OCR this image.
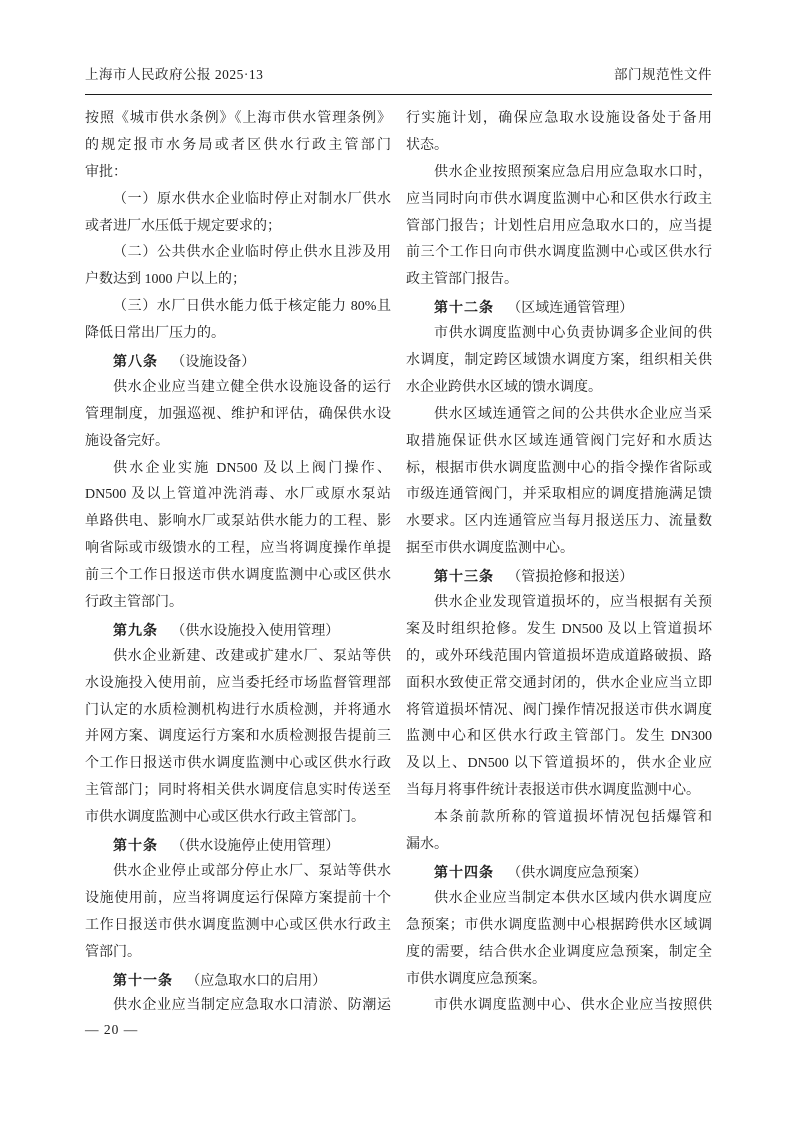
上海市人民政府公报 2025·13	部门规范性文件
按照《城市供水条例》《上海市供水管理条例》
的规定报市水务局或者区供水行政主管部门
审批：
（一）原水供水企业临时停止对制水厂供水
或者进厂水压低于规定要求的；
（二）公共供水企业临时停止供水且涉及用
户数达到 1000 户以上的；
（三）水厂日供水能力低于核定能力 80%且
降低日常出厂压力的。
第八条 （设施设备）
供水企业应当建立健全供水设施设备的运行
管理制度，加强巡视、维护和评估，确保供水设
施设备完好。
供水企业实施 DN500 及以上阀门操作、
DN500 及以上管道冲洗消毒、水厂或原水泵站
单路供电、影响水厂或泵站供水能力的工程、影
响省际或市级馈水的工程，应当将调度操作单提
前三个工作日报送市供水调度监测中心或区供水
行政主管部门。
第九条 （供水设施投入使用管理）
供水企业新建、改建或扩建水厂、泵站等供
水设施投入使用前，应当委托经市场监督管理部
门认定的水质检测机构进行水质检测，并将通水
并网方案、调度运行方案和水质检测报告提前三
个工作日报送市供水调度监测中心或区供水行政
主管部门；同时将相关供水调度信息实时传送至
市供水调度监测中心或区供水行政主管部门。
第十条 （供水设施停止使用管理）
供水企业停止或部分停止水厂、泵站等供水
设施使用前，应当将调度运行保障方案提前十个
工作日报送市供水调度监测中心或区供水行政主
管部门。
第十一条 （应急取水口的启用）
供水企业应当制定应急取水口清淤、防潮运
行实施计划，确保应急取水设施设备处于备用
状态。
供水企业按照预案应急启用应急取水口时，
应当同时向市供水调度监测中心和区供水行政主
管部门报告；计划性启用应急取水口的，应当提
前三个工作日向市供水调度监测中心或区供水行
政主管部门报告。
第十二条 （区域连通管管理）
市供水调度监测中心负责协调多企业间的供
水调度，制定跨区域馈水调度方案，组织相关供
水企业跨供水区域的馈水调度。
供水区域连通管之间的公共供水企业应当采
取措施保证供水区域连通管阀门完好和水质达
标，根据市供水调度监测中心的指令操作省际或
市级连通管阀门，并采取相应的调度措施满足馈
水要求。区内连通管应当每月报送压力、流量数
据至市供水调度监测中心。
第十三条 （管损抢修和报送）
供水企业发现管道损坏的，应当根据有关预
案及时组织抢修。发生 DN500 及以上管道损坏
的，或外环线范围内管道损坏造成道路破损、路
面积水致使正常交通封闭的，供水企业应当立即
将管道损坏情况、阀门操作情况报送市供水调度
监测中心和区供水行政主管部门。发生 DN300
及以上、DN500 以下管道损坏的，供水企业应
当每月将事件统计表报送市供水调度监测中心。
本条前款所称的管道损坏情况包括爆管和
漏水。
第十四条 （供水调度应急预案）
供水企业应当制定本供水区域内供水调度应
急预案；市供水调度监测中心根据跨供水区域调
度的需要，结合供水企业调度应急预案，制定全
市供水调度应急预案。
市供水调度监测中心、供水企业应当按照供
— 20 —
